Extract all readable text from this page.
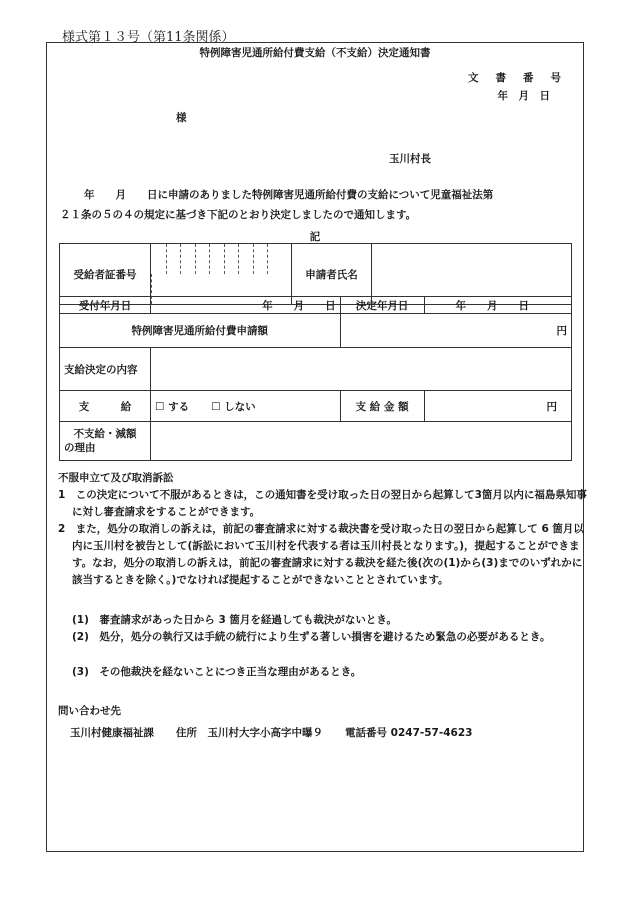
様式第１３号（第11条関係）
特例障害児通所給付費支給（不支給）決定通知書
文書番号
年　月　日
様
玉川村長
年　　月　　日に申請のありました特例障害児通所給付費の支給について児童福祉法第
２１条の５の４の規定に基づき下記のとおり決定しましたので通知します。
記
受給者証番号		申請者氏名	
受付年月日	年　　月　　日	決定年月日	年　　月　　日
特例障害児通所給付費申請額		円	
支給決定の内容			
支　　　給	☐ する ☐ しない	支 給 金 額	円

不支給・減額
の理由			

不服申立て及び取消訴訟
1　この決定について不服があるときは，この通知書を受け取った日の翌日から起算して3箇月以内に福島県知事に対し審査請求をすることができます。
2　また，処分の取消しの訴えは，前記の審査請求に対する裁決書を受け取った日の翌日から起算して 6 箇月以内に玉川村を被告として(訴訟において玉川村を代表する者は玉川村長となります。)，提起することができます。なお，処分の取消しの訴えは，前記の審査請求に対する裁決を経た後(次の(1)から(3)までのいずれかに該当するときを除く。)でなければ提起することができないこととされています。
(1)　審査請求があった日から 3 箇月を経過しても裁決がないとき。
(2)　処分，処分の執行又は手続の続行により生ずる著しい損害を避けるため緊急の必要があるとき。
(3)　その他裁決を経ないことにつき正当な理由があるとき。
問い合わせ先
玉川村健康福祉課 住所　玉川村大字小高字中曝９ 電話番号 0247-57-4623
